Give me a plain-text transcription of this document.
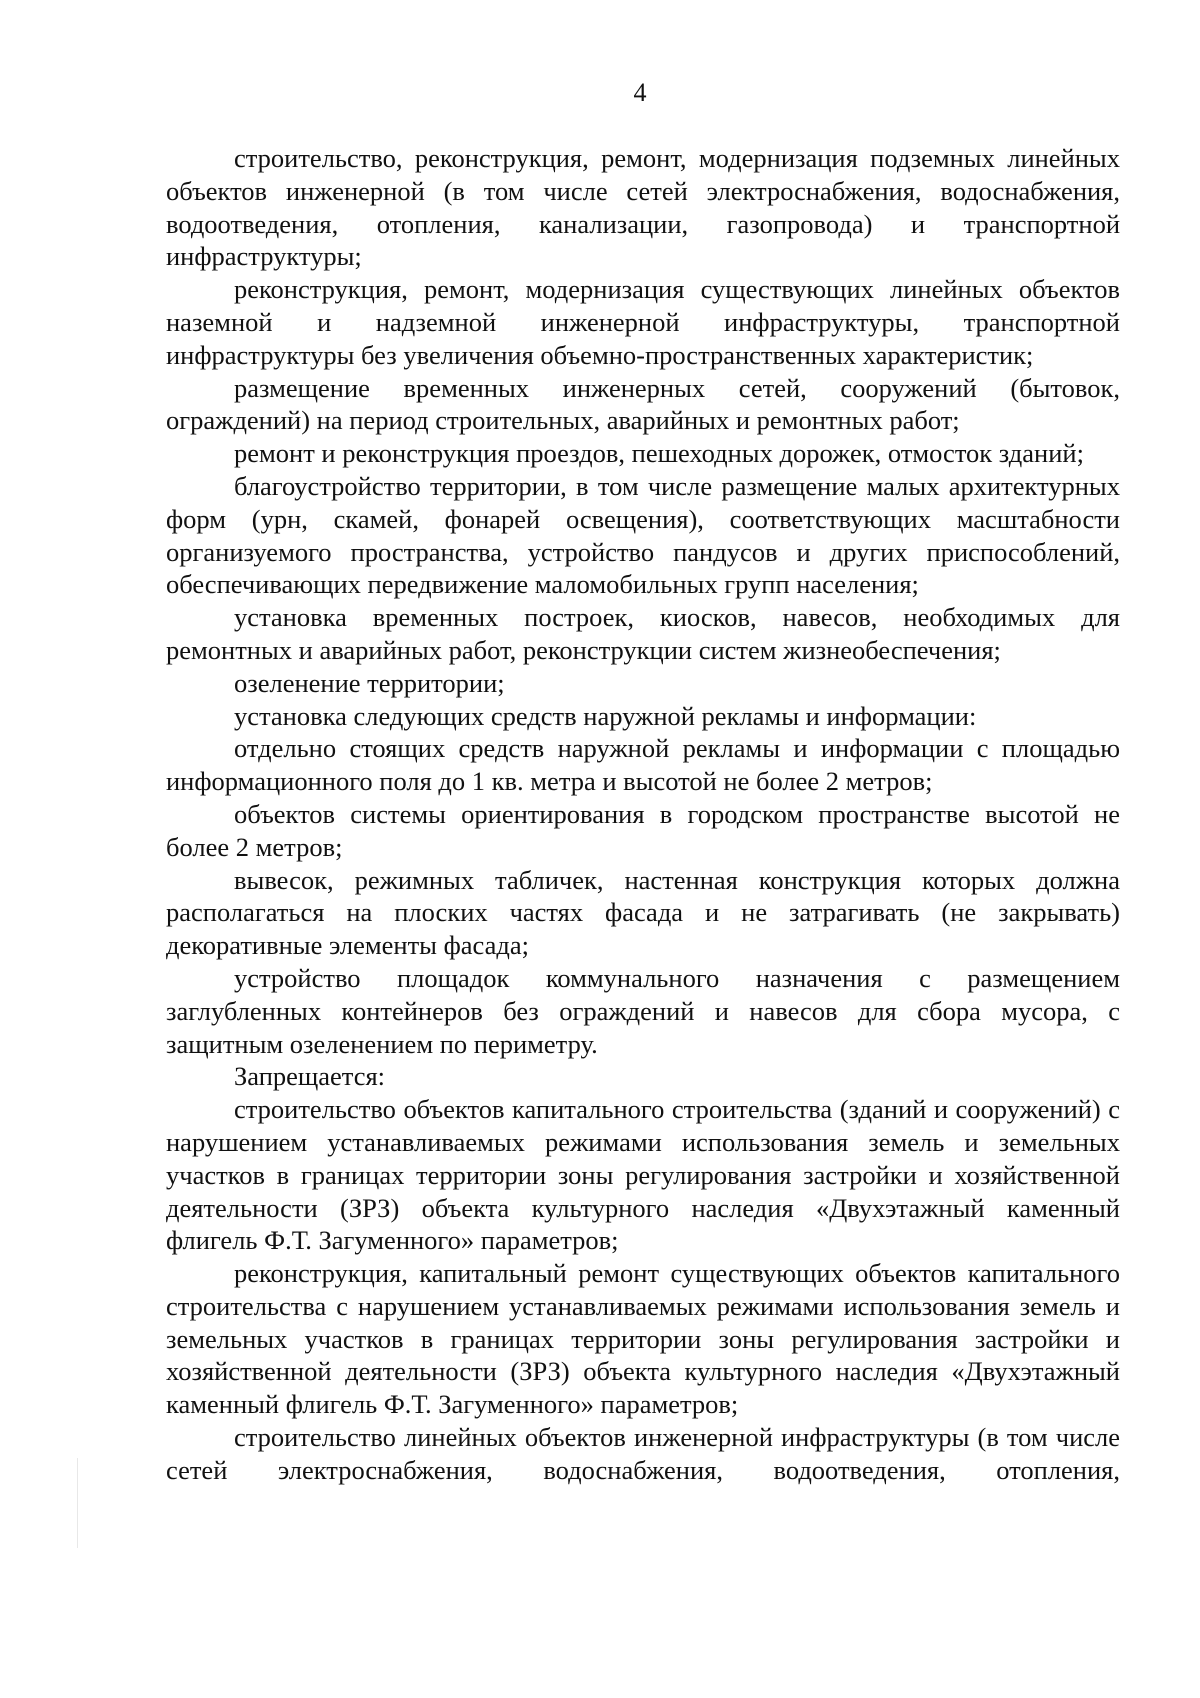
4

строительство, реконструкция, ремонт, модернизация подземных линейных объектов инженерной (в том числе сетей электроснабжения, водоснабжения, водоотведения, отопления, канализации, газопровода) и транспортной инфраструктуры;

реконструкция, ремонт, модернизация существующих линейных объектов наземной и надземной инженерной инфраструктуры, транспортной инфраструктуры без увеличения объемно-пространственных характеристик;

размещение временных инженерных сетей, сооружений (бытовок, ограждений) на период строительных, аварийных и ремонтных работ;

ремонт и реконструкция проездов, пешеходных дорожек, отмосток зданий;

благоустройство территории, в том числе размещение малых архитектурных форм (урн, скамей, фонарей освещения), соответствующих масштабности организуемого пространства, устройство пандусов и других приспособлений, обеспечивающих передвижение маломобильных групп населения;

установка временных построек, киосков, навесов, необходимых для ремонтных и аварийных работ, реконструкции систем жизнеобеспечения;

озеленение территории;

установка следующих средств наружной рекламы и информации:

отдельно стоящих средств наружной рекламы и информации с площадью информационного поля до 1 кв. метра и высотой не более 2 метров;

объектов системы ориентирования в городском пространстве высотой не более 2 метров;

вывесок, режимных табличек, настенная конструкция которых должна располагаться на плоских частях фасада и не затрагивать (не закрывать) декоративные элементы фасада;

устройство площадок коммунального назначения с размещением заглубленных контейнеров без ограждений и навесов для сбора мусора, с защитным озеленением по периметру.

Запрещается:

строительство объектов капитального строительства (зданий и сооружений) с нарушением устанавливаемых режимами использования земель и земельных участков в границах территории зоны регулирования застройки и хозяйственной деятельности (ЗРЗ) объекта культурного наследия «Двухэтажный каменный флигель Ф.Т. Загуменного» параметров;

реконструкция, капитальный ремонт существующих объектов капитального строительства с нарушением устанавливаемых режимами использования земель и земельных участков в границах территории зоны регулирования застройки и хозяйственной деятельности (ЗРЗ) объекта культурного наследия «Двухэтажный каменный флигель Ф.Т. Загуменного» параметров;

строительство линейных объектов инженерной инфраструктуры (в том числе сетей электроснабжения, водоснабжения, водоотведения, отопления,
